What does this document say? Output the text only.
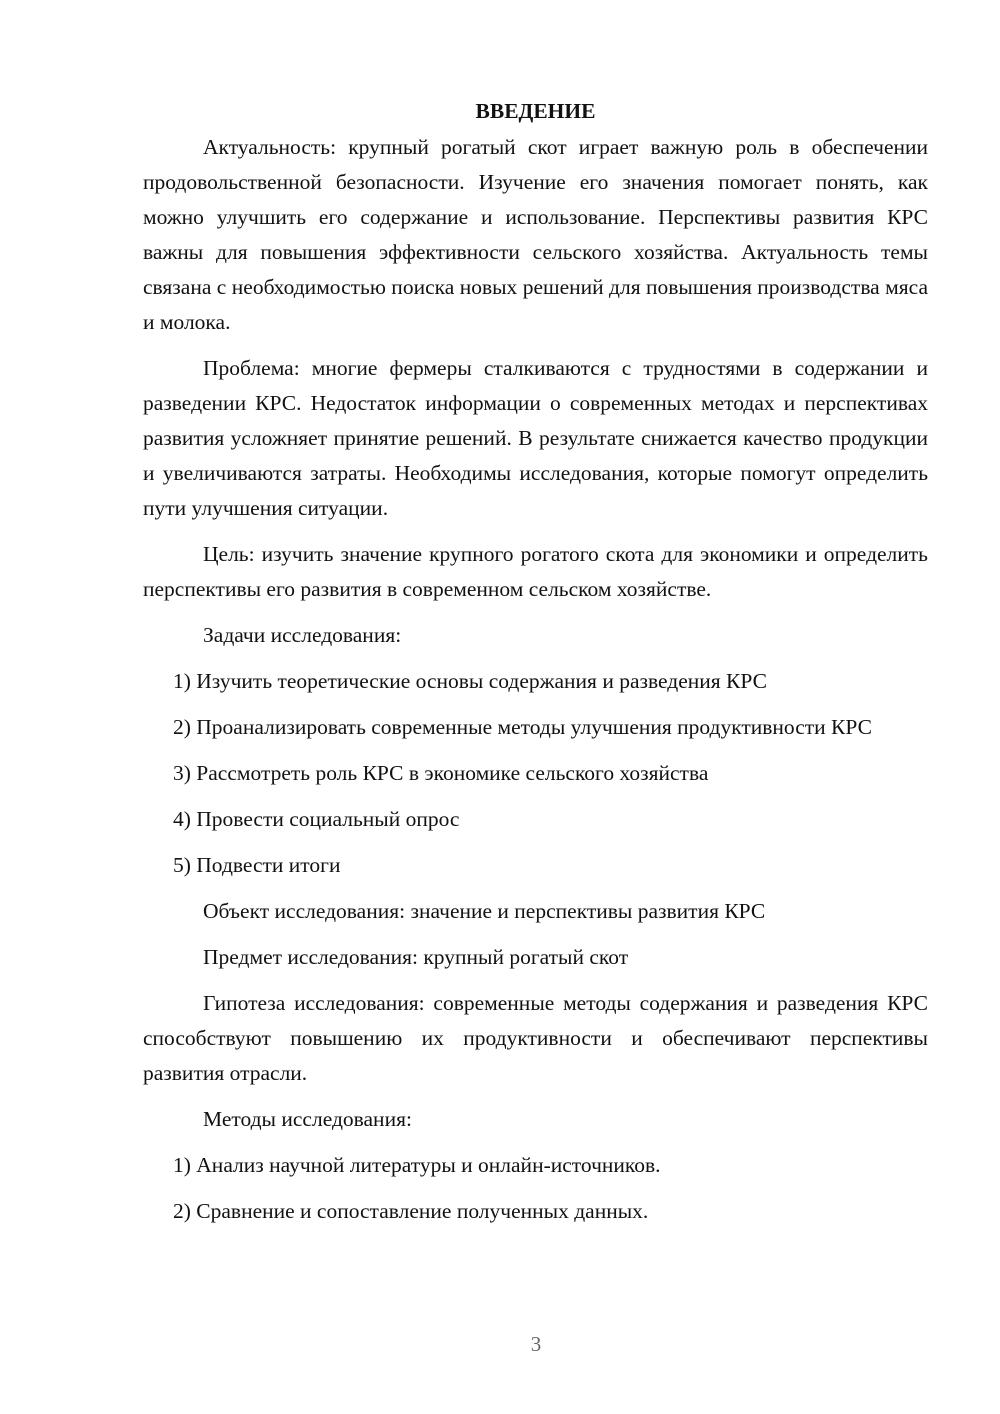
ВВЕДЕНИЕ
Актуальность: крупный рогатый скот играет важную роль в обеспечении продовольственной безопасности. Изучение его значения помогает понять, как можно улучшить его содержание и использование. Перспективы развития КРС важны для повышения эффективности сельского хозяйства. Актуальность темы связана с необходимостью поиска новых решений для повышения производства мяса и молока.
Проблема: многие фермеры сталкиваются с трудностями в содержании и разведении КРС. Недостаток информации о современных методах и перспективах развития усложняет принятие решений. В результате снижается качество продукции и увеличиваются затраты. Необходимы исследования, которые помогут определить пути улучшения ситуации.
Цель: изучить значение крупного рогатого скота для экономики и определить перспективы его развития в современном сельском хозяйстве.
Задачи исследования:
1) Изучить теоретические основы содержания и разведения КРС
2) Проанализировать современные методы улучшения продуктивности КРС
3) Рассмотреть роль КРС в экономике сельского хозяйства
4) Провести социальный опрос
5) Подвести итоги
Объект исследования: значение и перспективы развития КРС
Предмет исследования: крупный рогатый скот
Гипотеза исследования: современные методы содержания и разведения КРС способствуют повышению их продуктивности и обеспечивают перспективы развития отрасли.
Методы исследования:
1) Анализ научной литературы и онлайн-источников.
2) Сравнение и сопоставление полученных данных.
3
